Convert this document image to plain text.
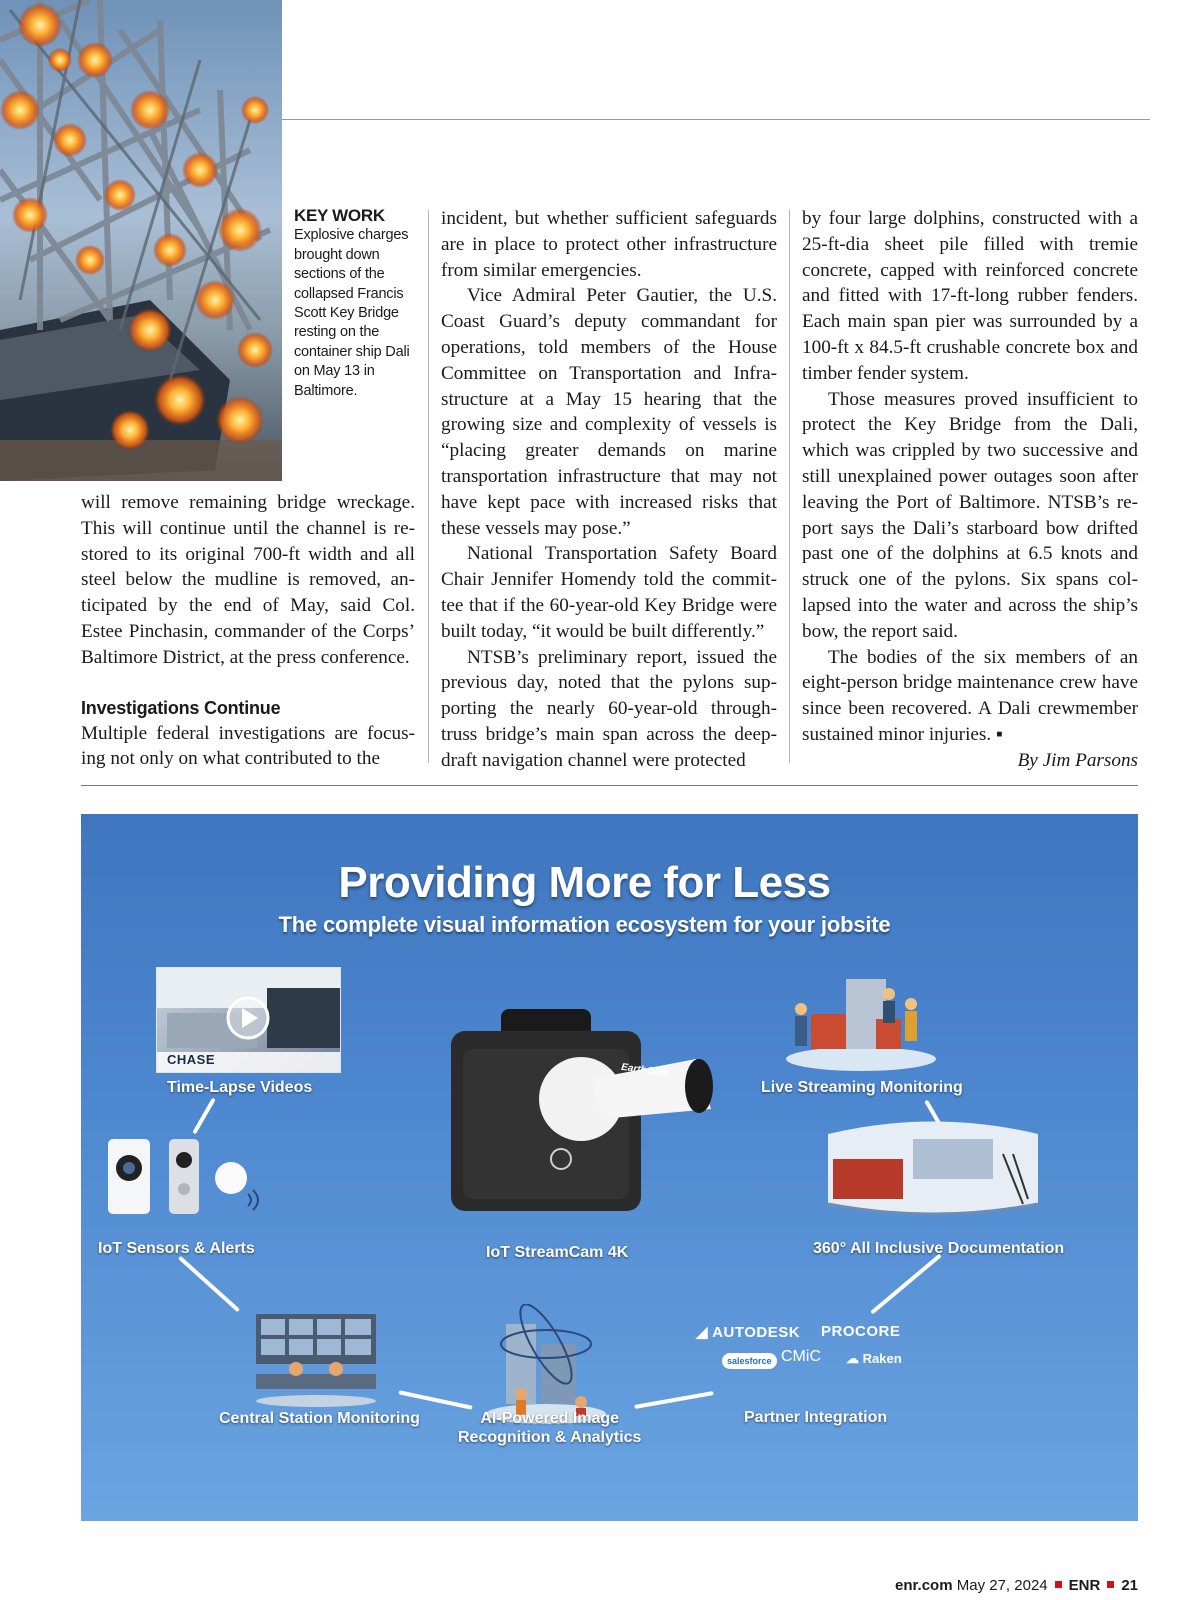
KEY WORK
Explosive charges brought down sections of the collapsed Francis Scott Key Bridge resting on the container ship Dali on May 13 in Baltimore.

will remove remaining bridge wreckage. This will continue until the channel is restored to its original 700-ft width and all steel below the mudline is removed, anticipated by the end of May, said Col. Estee Pinchasin, commander of the Corps’ Baltimore District, at the press conference.

Investigations Continue

Multiple federal investigations are focusing not only on what contributed to the

incident, but whether sufficient safeguards are in place to protect other infrastructure from similar emergencies.

Vice Admiral Peter Gautier, the U.S. Coast Guard’s deputy commandant for operations, told members of the House Committee on Transportation and Infrastructure at a May 15 hearing that the growing size and complexity of vessels is “placing greater demands on marine transportation infrastructure that may not have kept pace with increased risks that these vessels may pose.”

National Transportation Safety Board Chair Jennifer Homendy told the committee that if the 60-year-old Key Bridge were built today, “it would be built differently.”

NTSB’s preliminary report, issued the previous day, noted that the pylons supporting the nearly 60-year-old through-truss bridge’s main span across the deep-draft navigation channel were protected

by four large dolphins, constructed with a 25-ft-dia sheet pile filled with tremie concrete, capped with reinforced concrete and fitted with 17-ft-long rubber fenders. Each main span pier was surrounded by a 100-ft x 84.5-ft crushable concrete box and timber fender system.

Those measures proved insufficient to protect the Key Bridge from the Dali, which was crippled by two successive and still unexplained power outages soon after leaving the Port of Baltimore. NTSB’s report says the Dali’s starboard bow drifted past one of the dolphins at 6.5 knots and struck one of the pylons. Six spans collapsed into the water and across the ship’s bow, the report said.

The bodies of the six members of an eight-person bridge maintenance crew have since been recovered. A Dali crewmember sustained minor injuries. ▪

By Jim Parsons

Providing More for Less
The complete visual information ecosystem for your jobsite
CHASE
Time-Lapse Videos	Live Streaming Monitoring
IoT Sensors & Alerts
EarthCam
IoT StreamCam 4K	360° All Inclusive Documentation
Central Station Monitoring	AI-Powered Image
Recognition & Analytics
◢ AUTODESK PROCORE
salesforce CMiC ☁ Raken
Partner Integration
enr.com May 27, 2024 ENR 21
